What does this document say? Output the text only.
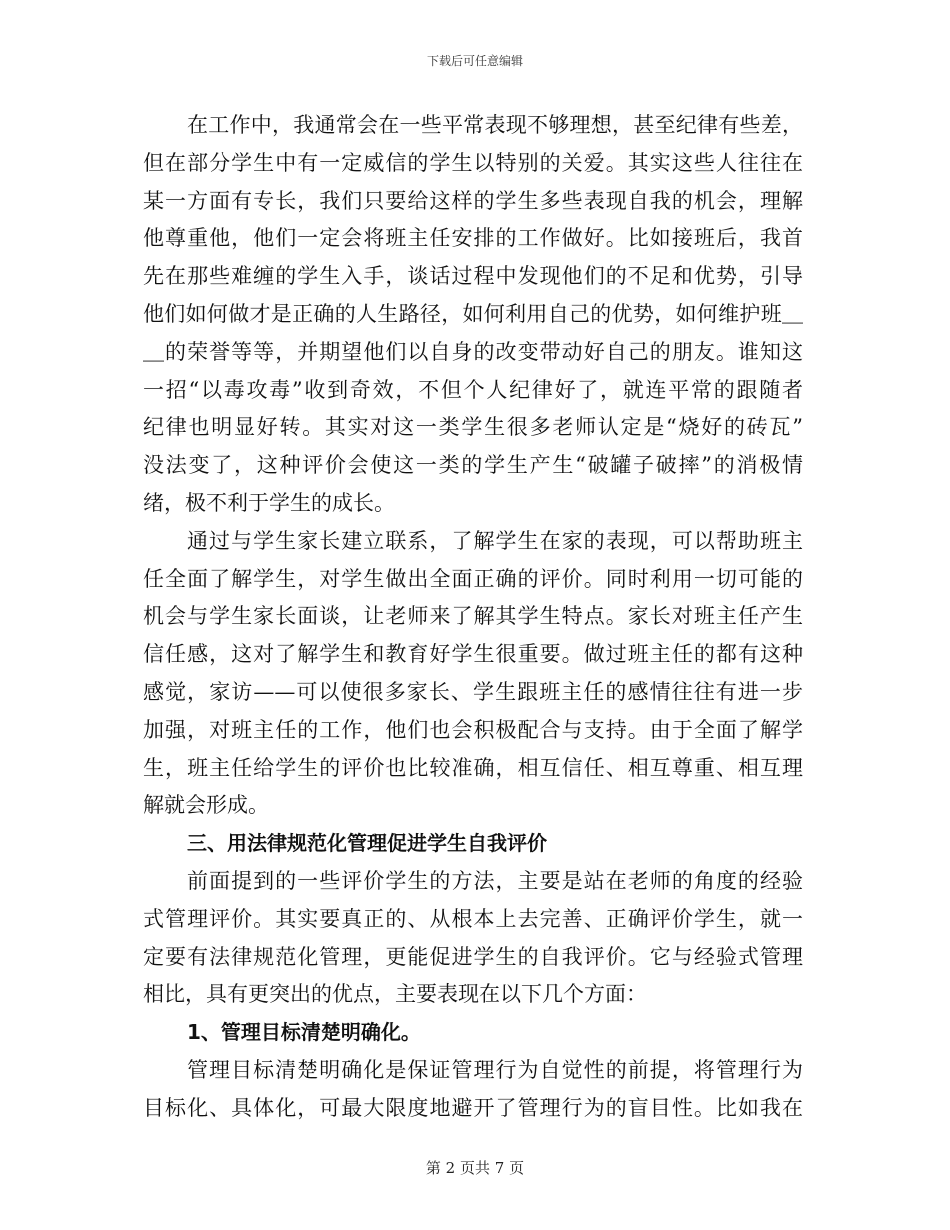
下载后可任意编辑
在工作中，我通常会在一些平常表现不够理想，甚至纪律有些差，
但在部分学生中有一定威信的学生以特别的关爱。其实这些人往往在
某一方面有专长，我们只要给这样的学生多些表现自我的机会，理解
他尊重他，他们一定会将班主任安排的工作做好。比如接班后，我首
先在那些难缠的学生入手，谈话过程中发现他们的不足和优势，引导
他们如何做才是正确的人生路径，如何利用自己的优势，如何维护班＿
＿的荣誉等等，并期望他们以自身的改变带动好自己的朋友。谁知这
一招“以毒攻毒”收到奇效，不但个人纪律好了，就连平常的跟随者
纪律也明显好转。其实对这一类学生很多老师认定是“烧好的砖瓦”
没法变了，这种评价会使这一类的学生产生“破罐子破摔”的消极情
绪，极不利于学生的成长。
通过与学生家长建立联系，了解学生在家的表现，可以帮助班主
任全面了解学生，对学生做出全面正确的评价。同时利用一切可能的
机会与学生家长面谈，让老师来了解其学生特点。家长对班主任产生
信任感，这对了解学生和教育好学生很重要。做过班主任的都有这种
感觉，家访——可以使很多家长、学生跟班主任的感情往往有进一步
加强，对班主任的工作，他们也会积极配合与支持。由于全面了解学
生，班主任给学生的评价也比较准确，相互信任、相互尊重、相互理
解就会形成。
三、用法律规范化管理促进学生自我评价
前面提到的一些评价学生的方法，主要是站在老师的角度的经验
式管理评价。其实要真正的、从根本上去完善、正确评价学生，就一
定要有法律规范化管理，更能促进学生的自我评价。它与经验式管理
相比，具有更突出的优点，主要表现在以下几个方面：
1、管理目标清楚明确化。
管理目标清楚明确化是保证管理行为自觉性的前提，将管理行为
目标化、具体化，可最大限度地避开了管理行为的盲目性。比如我在
第 2 页共 7 页
